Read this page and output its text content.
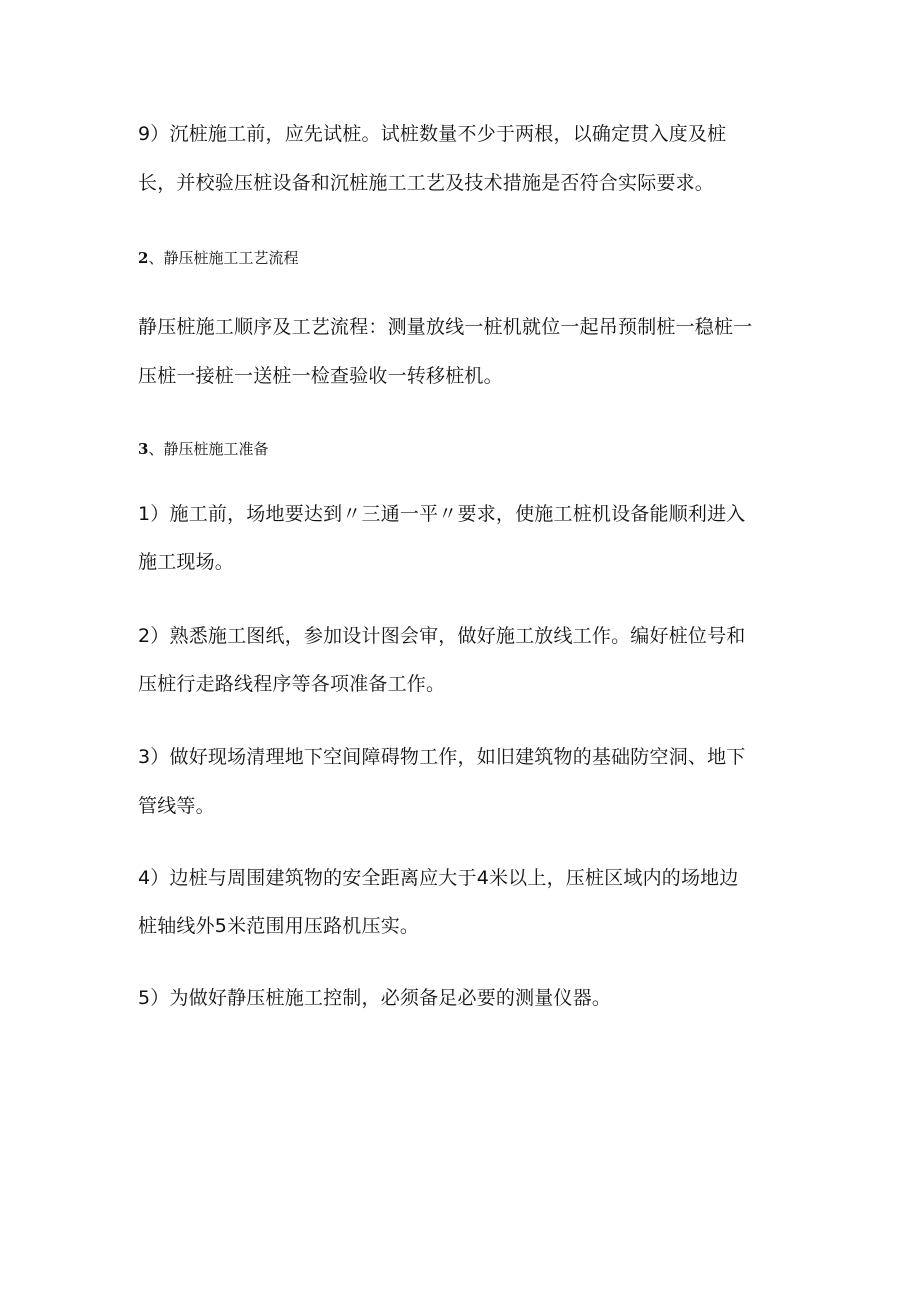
9）沉桩施工前，应先试桩。试桩数量不少于两根，以确定贯入度及桩
长，并校验压桩设备和沉桩施工工艺及技术措施是否符合实际要求。
2、静压桩施工工艺流程
静压桩施工顺序及工艺流程：测量放线一桩机就位一起吊预制桩一稳桩一
压桩一接桩一送桩一检查验收一转移桩机。
3、静压桩施工准备
1）施工前，场地要达到〃三通一平〃要求，使施工桩机设备能顺利进入
施工现场。
2）熟悉施工图纸，参加设计图会审，做好施工放线工作。编好桩位号和
压桩行走路线程序等各项准备工作。
3）做好现场清理地下空间障碍物工作，如旧建筑物的基础防空洞、地下
管线等。
4）边桩与周围建筑物的安全距离应大于4米以上，压桩区域内的场地边
桩轴线外5米范围用压路机压实。
5）为做好静压桩施工控制，必须备足必要的测量仪器。
